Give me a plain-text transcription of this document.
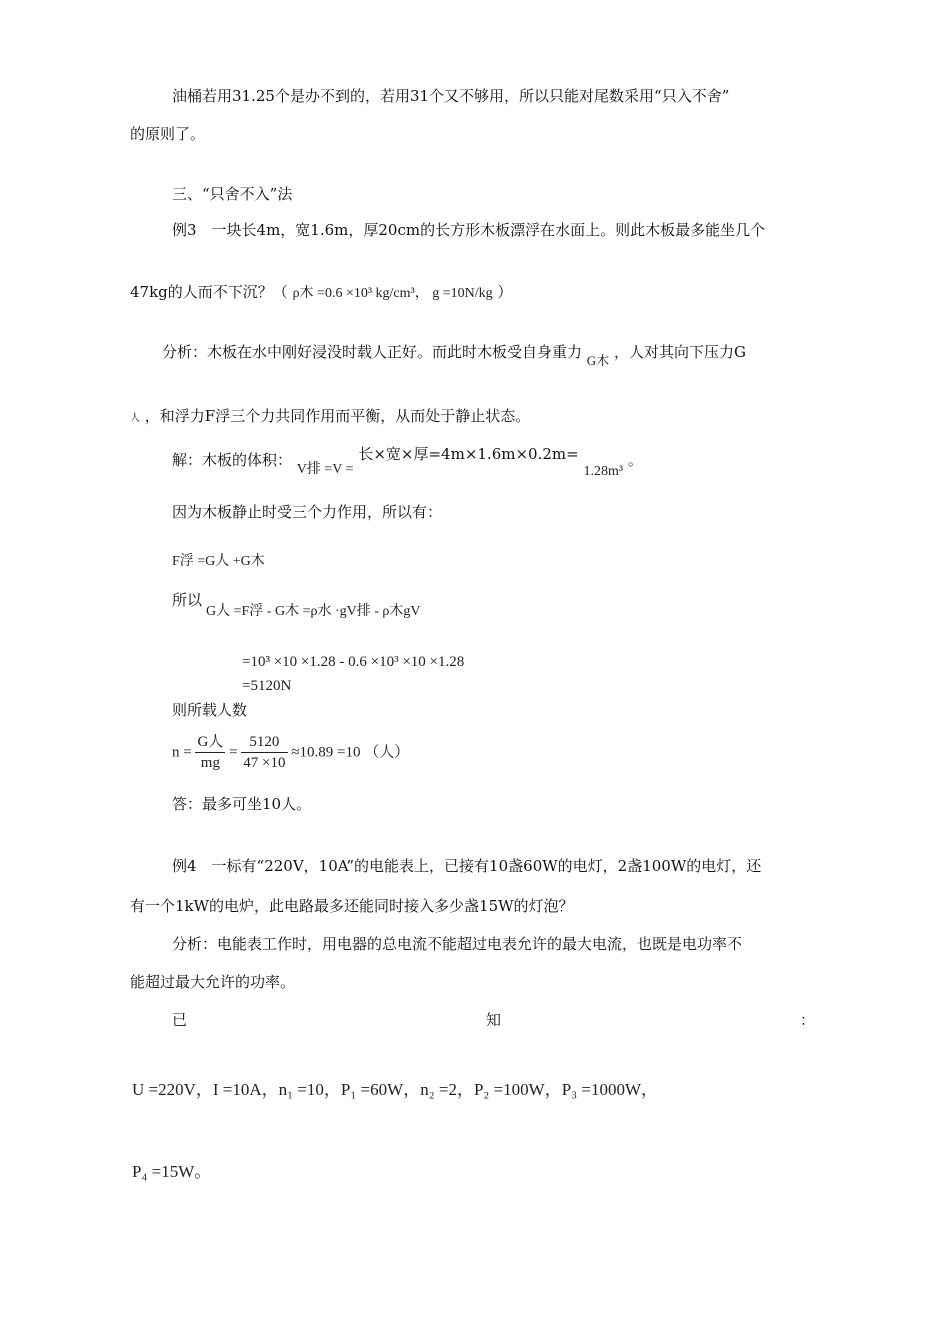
油桶若用31.25个是办不到的，若用31个又不够用，所以只能对尾数采用“只入不舍”
的原则了。
三、“只舍不入”法
例3　一块长4m，宽1.6m，厚20cm的长方形木板漂浮在水面上。则此木板最多能坐几个
47kg的人而不下沉？（ ρ木 =0.6 ×10³ kg/cm³， g =10N/kg ）
分析：木板在水中刚好浸没时载人正好。而此时木板受自身重力 G木 ，人对其向下压力G
人 ，和浮力F浮三个力共同作用而平衡，从而处于静止状态。
解：木板的体积： V排 =V = 长×宽×厚=4m×1.6m×0.2m= 1.28m³ 。
因为木板静止时受三个力作用，所以有：
F浮 =G人 +G木
所以
G人 =F浮 - G木 =ρ水 ·gV排 - ρ木gV
=10³ ×10 ×1.28 - 0.6 ×10³ ×10 ×1.28
=5120N
则所载人数
$n = \frac{\text{G人}}{mg} = \frac{5120}{47 \times 10} \approx 10.89 =10$ （人）
答：最多可坐10人。
例4　一标有“220V，10A”的电能表上，已接有10盏60W的电灯，2盏100W的电灯，还
有一个1kW的电炉，此电路最多还能同时接入多少盏15W的灯泡？
分析：电能表工作时，用电器的总电流不能超过电表允许的最大电流，也既是电功率不
能超过最大允许的功率。
已	知	：
U =220V，I =10A，n₁ =10，P₁ =60W，n₂ =2，P₂ =100W，P₃ =1000W，
P₄ =15W。
